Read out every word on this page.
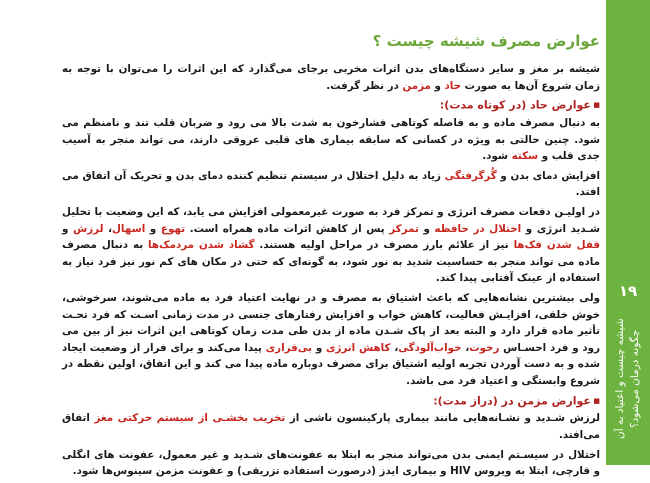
۱۹
شیشه چیست و اعتیاد به آن چگونه درمان می‌شود؟
عوارض مصرف شیشه چیست ؟

شیشه بر مغز و سایر دستگاه‌های بدن اثرات مخربی برجای می‌گذارد که این اثرات را می‌توان با توجه به زمان شروع آن‌ها به صورت حاد و مزمن در نظر گرفت.

■ عوارض حاد (در کوتاه مدت):

به دنبال مصرف ماده و به فاصله کوتاهی فشارخون به شدت بالا می رود و ضربان قلب تند و نامنظم می شود. چنین حالتی به ویژه در کسانی که سابقه بیماری های قلبی عروقی دارند، می تواند منجر به آسیب جدی قلب و سکته شود.

افزایش دمای بدن و گُرگرفتگی زیاد به دلیل اختلال در سیستم تنظیم کننده دمای بدن و تحریک آن اتفاق می افتد.

در اولیـن دفعات مصرف انرژی و تمرکز فرد به صورت غیرمعمولی افزایش می یابد، که این وضعیت با تحلیل شـدید انرژی و اختلال در حافظه و تمرکز پس از کاهش اثرات ماده همراه است. تهوع و اسهال، لرزش و قفل شدن فک‌ها نیز از علائم بارز مصرف در مراحل اولیه هستند. گشاد شدن مردمک‌ها به دنبال مصرف ماده می تواند منجر به حساسیت شدید به نور شود، به گونه‌ای که حتی در مکان های کم نور نیز فرد نیاز به استفاده از عینک آفتابی پیدا کند.

ولی بیشترین نشانه‌هایی که باعث اشتیاق به مصرف و در نهایت اعتیاد فرد به ماده می‌شوند، سرخوشی، خوش خلقی، افزایـش فعالیت، کاهش خواب و افزایش رفتارهای جنسی در مدت زمانی اسـت که فرد تحـت تأثیر ماده قرار دارد و البته بعد از پاک شـدن ماده از بدن طی مدت زمان کوتاهی این اثرات نیز از بین می رود و فرد احسـاس رخوت، خواب‌آلودگی، کاهش انرژی و بی‌قراری پیدا می‌کند و برای فرار از وضعیت ایجاد شده و به دست آوردن تجربه اولیه اشتیاق برای مصرف دوباره ماده پیدا می کند و این اتفاق، اولین نقطه در شروع وابستگی و اعتیاد فرد می باشد.

■ عوارض مزمن در (دراز مدت):

لرزش شـدید و نشـانه‌هایی مانند بیماری پارکینسون ناشی از تخریب بخشـی از سیستم حرکتی مغز اتفاق می‌افتد.

اختلال در سیسـتم ایمنی بدن می‌تواند منجر به ابتلا به عفونت‌های شـدید و غیر معمول، عفونت های انگلی و قارچی، ابتلا به ویروس HIV و بیماری ایدز (درصورت استفاده تزریقی) و عفونت مزمن سینوس‌ها شود.
